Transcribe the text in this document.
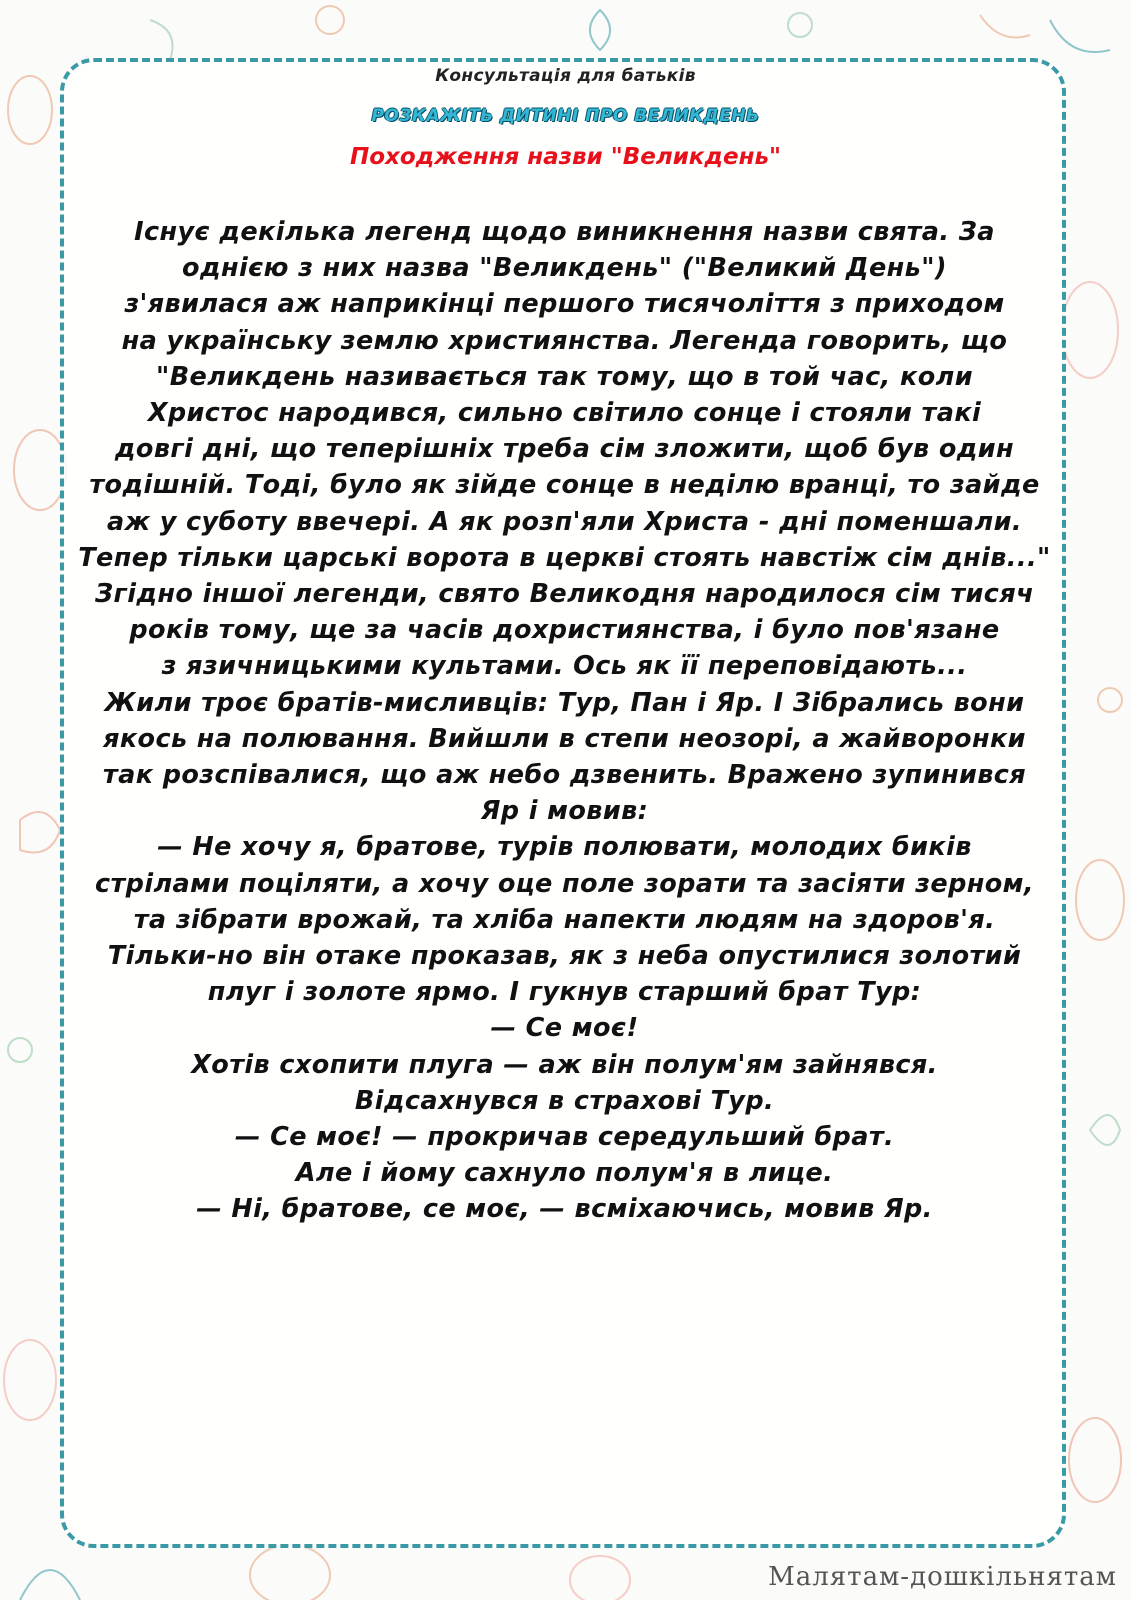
Консультація для батьків
РОЗКАЖІТЬ ДИТИНІ ПРО ВЕЛИКДЕНЬ
Походження назви "Великдень"
Існує декілька легенд щодо виникнення назви свята. За
однією з них назва "Великдень" ("Великий День")
з'явилася аж наприкінці першого тисячоліття з приходом
на українську землю християнства. Легенда говорить, що
"Великдень називається так тому, що в той час, коли
Христос народився, сильно світило сонце і стояли такі
довгі дні, що теперішніх треба сім зложити, щоб був один
тодішній. Тоді, було як зійде сонце в неділю вранці, то зайде
аж у суботу ввечері. А як розп'яли Христа - дні поменшали.
Тепер тільки царські ворота в церкві стоять навстіж сім днів..."
Згідно іншої легенди, свято Великодня народилося сім тисяч
років тому, ще за часів дохристиянства, і було пов'язане
з язичницькими культами. Ось як її переповідають...
Жили троє братів-мисливців: Тур, Пан і Яр. І Зібрались вони
якось на полювання. Вийшли в степи неозорі, а жайворонки
так розспівалися, що аж небо дзвенить. Вражено зупинився
Яр і мовив:
— Не хочу я, братове, турів полювати, молодих биків
стрілами поціляти, а хочу оце поле зорати та засіяти зерном,
та зібрати врожай, та хліба напекти людям на здоров'я.
Тільки-но він отаке проказав, як з неба опустилися золотий
плуг і золоте ярмо. І гукнув старший брат Тур:
— Се моє!
Хотів схопити плуга — аж він полум'ям зайнявся.
Відсахнувся в страхові Тур.
— Се моє! — прокричав середульший брат.
Але і йому сахнуло полум'я в лице.
— Ні, братове, се моє, — всміхаючись, мовив Яр.
Малятам-дошкільнятам
